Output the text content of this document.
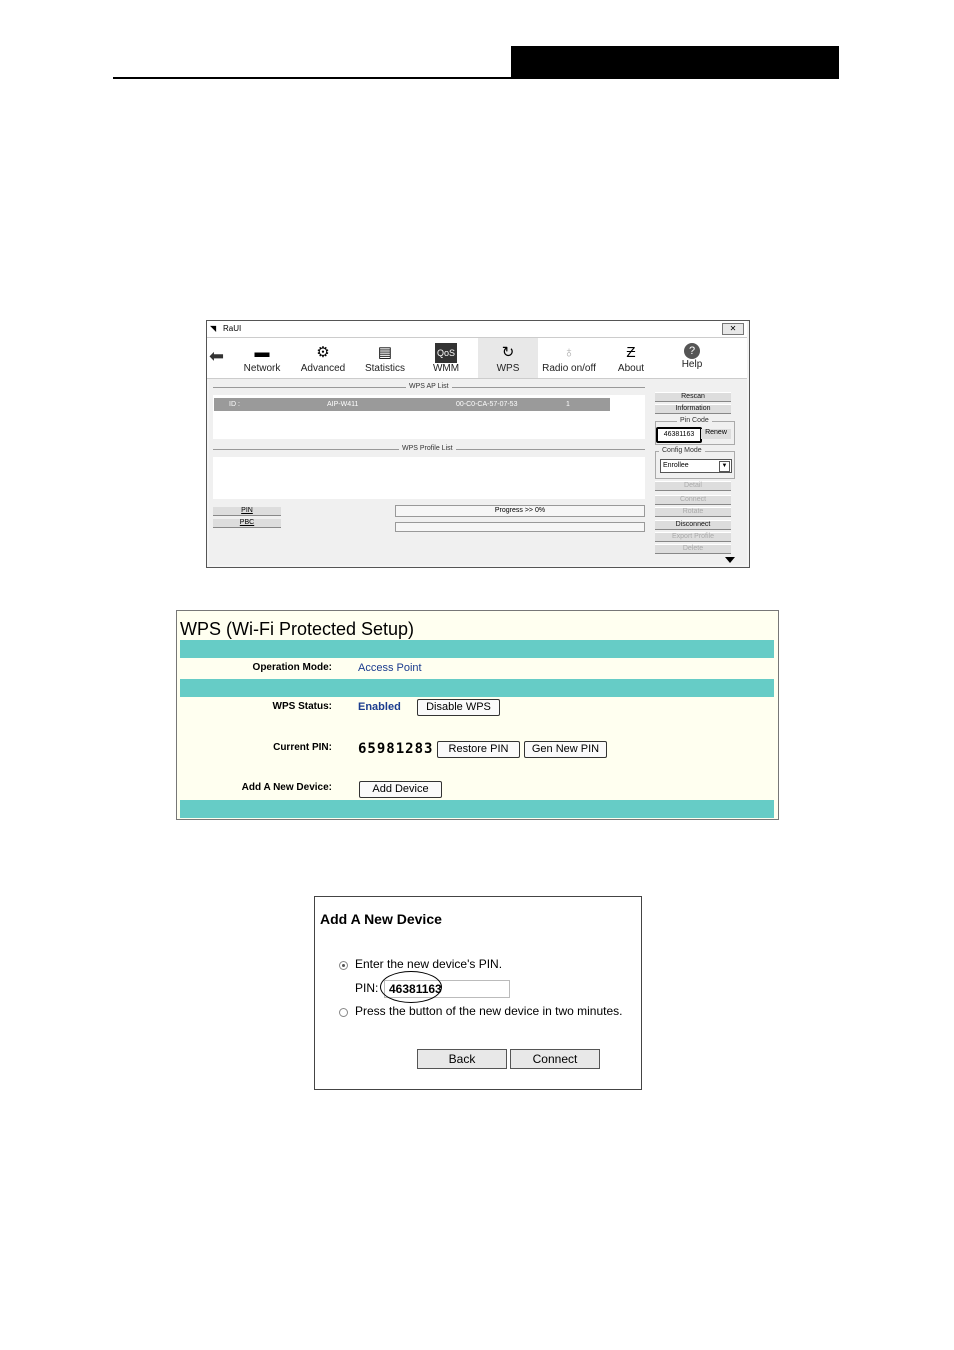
◥ RaUI	✕
⬅	▬
Network
⚙
Advanced
▤
Statistics
QoS
WMM
↻
WPS
♁
Radio on/off
Ƶ
About
?
Help
WPS AP List
ID :	AIP-W411	00-C0-CA-57-07-53	1
WPS Profile List
PIN
PBC
Progress >> 0%
Rescan
Information
Pin Code
46381163	Renew
Config Mode
Enrollee	▼
Detail
Connect
Rotate
Disconnect
Export Profile
Delete
WPS (Wi-Fi Protected Setup)
Operation Mode: Access Point
WPS Status: Enabled	Disable WPS
Current PIN: 65981283	Restore PIN	Gen New PIN
Add A New Device:	Add Device
Add A New Device
Enter the new device's PIN.
PIN: 46381163
Press the button of the new device in two minutes.
Back	Connect
